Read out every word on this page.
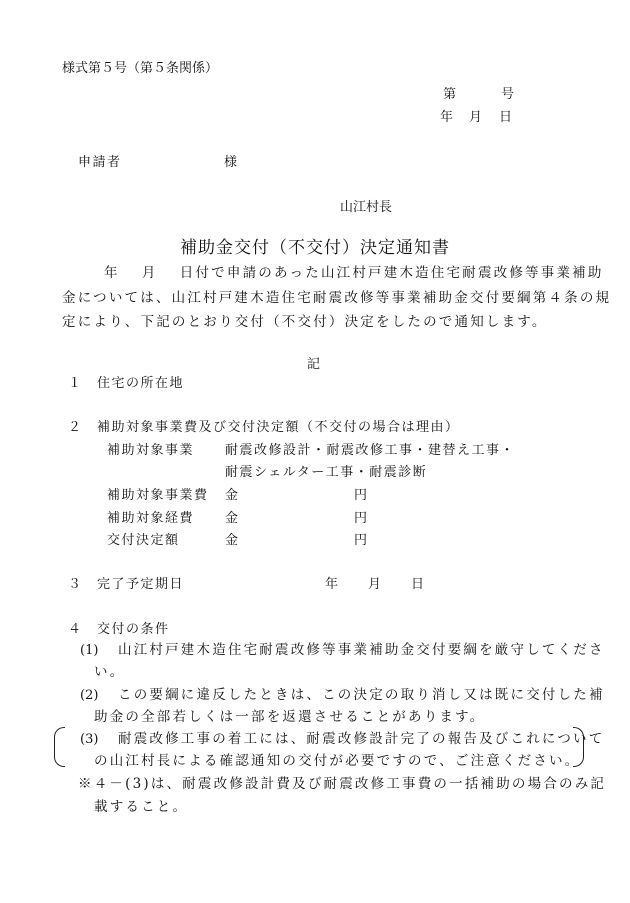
様式第５号（第５条関係）
第	号
年 月 日
申請者	様
山江村長
補助金交付（不交付）決定通知書
年　 月　 日付で申請のあった山江村戸建木造住宅耐震改修等事業補助
金については、山江村戸建木造住宅耐震改修等事業補助金交付要綱第４条の規
定により、下記のとおり交付（不交付）決定をしたので通知します。
記
１　住宅の所在地
２　補助対象事業費及び交付決定額（不交付の場合は理由）
補助対象事業 耐震改修設計・耐震改修工事・建替え工事・
耐震シェルター工事・耐震診断
補助対象事業費 金	円
補助対象経費 金	円
交付決定額	金	円
３　完了予定期日	年 月 日
４　交付の条件
(1) 山江村戸建木造住宅耐震改修等事業補助金交付要綱を厳守してくださ
い。
(2) この要綱に違反したときは、この決定の取り消し又は既に交付した補
助金の全部若しくは一部を返還させることがあります。
(3) 耐震改修工事の着工には、耐震改修設計完了の報告及びこれについて
の山江村長による確認通知の交付が必要ですので、ご注意ください。
※４－(3)は、耐震改修設計費及び耐震改修工事費の一括補助の場合のみ記
載すること。
